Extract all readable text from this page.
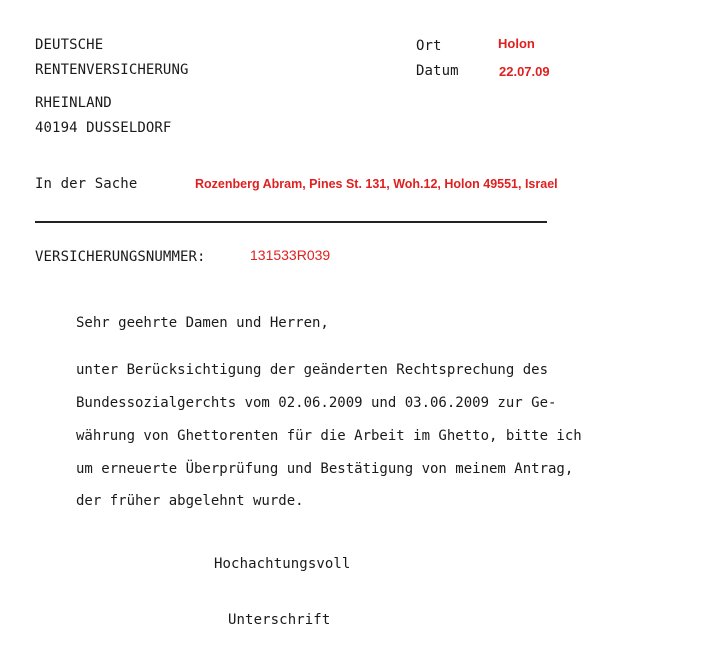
DEUTSCHE
RENTENVERSICHERUNG
RHEINLAND
40194 DUSSELDORF
Ort	Holon
Datum	22.07.09
In der Sache	Rozenberg Abram, Pines St. 131, Woh.12, Holon 49551, Israel
VERSICHERUNGSNUMMER:	131533R039
Sehr geehrte Damen und Herren,
unter Berücksichtigung der geänderten Rechtsprechung des
Bundessozialgerchts vom 02.06.2009 und 03.06.2009 zur Ge-
währung von Ghettorenten für die Arbeit im Ghetto, bitte ich
um erneuerte Überprüfung und Bestätigung von meinem Antrag,
der früher abgelehnt wurde.
Hochachtungsvoll
Unterschrift
